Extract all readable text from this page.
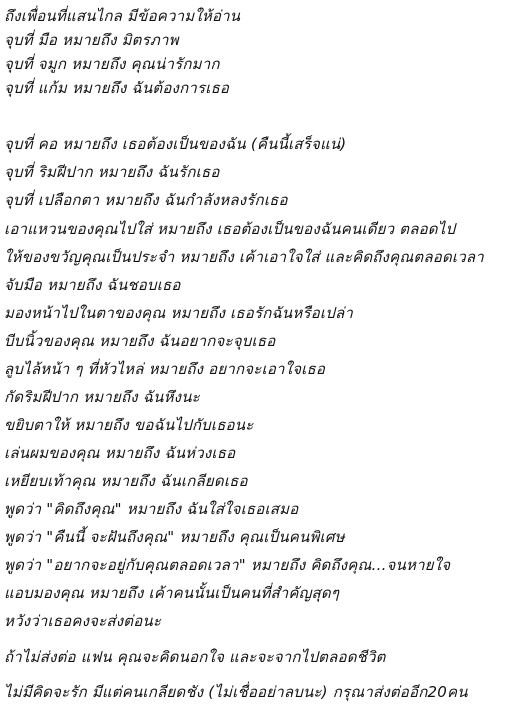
ถึงเพื่อนที่แสนไกล มีข้อความให้อ่าน
จุบที่ มือ หมายถึง มิตรภาพ
จุบที่ จมูก หมายถึง คุณน่ารักมาก
จุบที่ แก้ม หมายถึง ฉันต้องการเธอ
จุบที่ คอ หมายถึง เธอต้องเป็นของฉัน (คืนนี้เสร็จแน่)
จุบที่ ริมฝีปาก หมายถึง ฉันรักเธอ
จุบที่ เปลือกตา หมายถึง ฉันกำลังหลงรักเธอ
เอาแหวนของคุณไปใส่ หมายถึง เธอต้องเป็นของฉันคนเดียว ตลอดไป
ให้ของขวัญคุณเป็นประจำ หมายถึง เค้าเอาใจใส่ และคิดถึงคุณตลอดเวลา
จับมือ หมายถึง ฉันชอบเธอ
มองหน้าไปในตาของคุณ หมายถึง เธอรักฉันหรือเปล่า
บีบนิ้วของคุณ หมายถึง ฉันอยากจะจุบเธอ
ลูบไล้หน้า ๆ ที่หัวไหล่ หมายถึง อยากจะเอาใจเธอ
กัดริมฝีปาก หมายถึง ฉันหึงนะ
ขยิบตาให้ หมายถึง ขอฉันไปกับเธอนะ
เล่นผมของคุณ หมายถึง ฉันห่วงเธอ
เหยียบเท้าคุณ หมายถึง ฉันเกลียดเธอ
พูดว่า "คิดถึงคุณ" หมายถึง ฉันใส่ใจเธอเสมอ
พูดว่า "คืนนี้ จะฝันถึงคุณ" หมายถึง คุณเป็นคนพิเศษ
พูดว่า "อยากจะอยู่กับคุณตลอดเวลา" หมายถึง คิดถึงคุณ...จนหายใจ
แอบมองคุณ หมายถึง เค้าคนนั้นเป็นคนที่สำคัญสุดๆ
หวังว่าเธอคงจะส่งต่อนะ
ถ้าไม่ส่งต่อ แฟน คุณจะคิดนอกใจ และจะจากไปตลอดชีวิต
ไม่มีคิดจะรัก มีแต่คนเกลียดชัง (ไม่เชื่ออย่าลบนะ) กรุณาส่งต่ออีก20คน
